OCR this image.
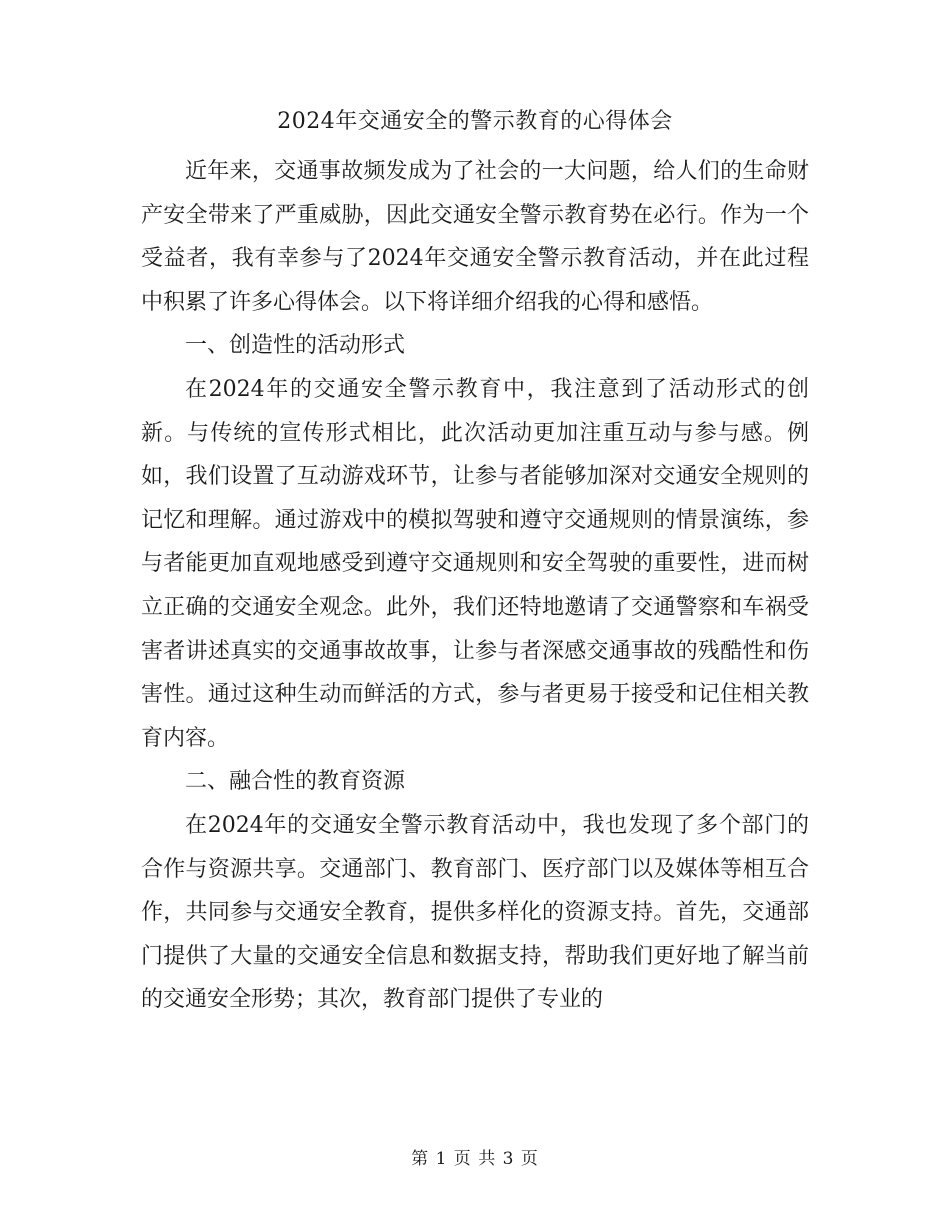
2024年交通安全的警示教育的心得体会

近年来，交通事故频发成为了社会的一大问题，给人们的生命财产安全带来了严重威胁，因此交通安全警示教育势在必行。作为一个受益者，我有幸参与了2024年交通安全警示教育活动，并在此过程中积累了许多心得体会。以下将详细介绍我的心得和感悟。

一、创造性的活动形式

在2024年的交通安全警示教育中，我注意到了活动形式的创新。与传统的宣传形式相比，此次活动更加注重互动与参与感。例如，我们设置了互动游戏环节，让参与者能够加深对交通安全规则的记忆和理解。通过游戏中的模拟驾驶和遵守交通规则的情景演练，参与者能更加直观地感受到遵守交通规则和安全驾驶的重要性，进而树立正确的交通安全观念。此外，我们还特地邀请了交通警察和车祸受害者讲述真实的交通事故故事，让参与者深感交通事故的残酷性和伤害性。通过这种生动而鲜活的方式，参与者更易于接受和记住相关教育内容。

二、融合性的教育资源

在2024年的交通安全警示教育活动中，我也发现了多个部门的合作与资源共享。交通部门、教育部门、医疗部门以及媒体等相互合作，共同参与交通安全教育，提供多样化的资源支持。首先，交通部门提供了大量的交通安全信息和数据支持，帮助我们更好地了解当前的交通安全形势；其次，教育部门提供了专业的

第 1 页 共 3 页
